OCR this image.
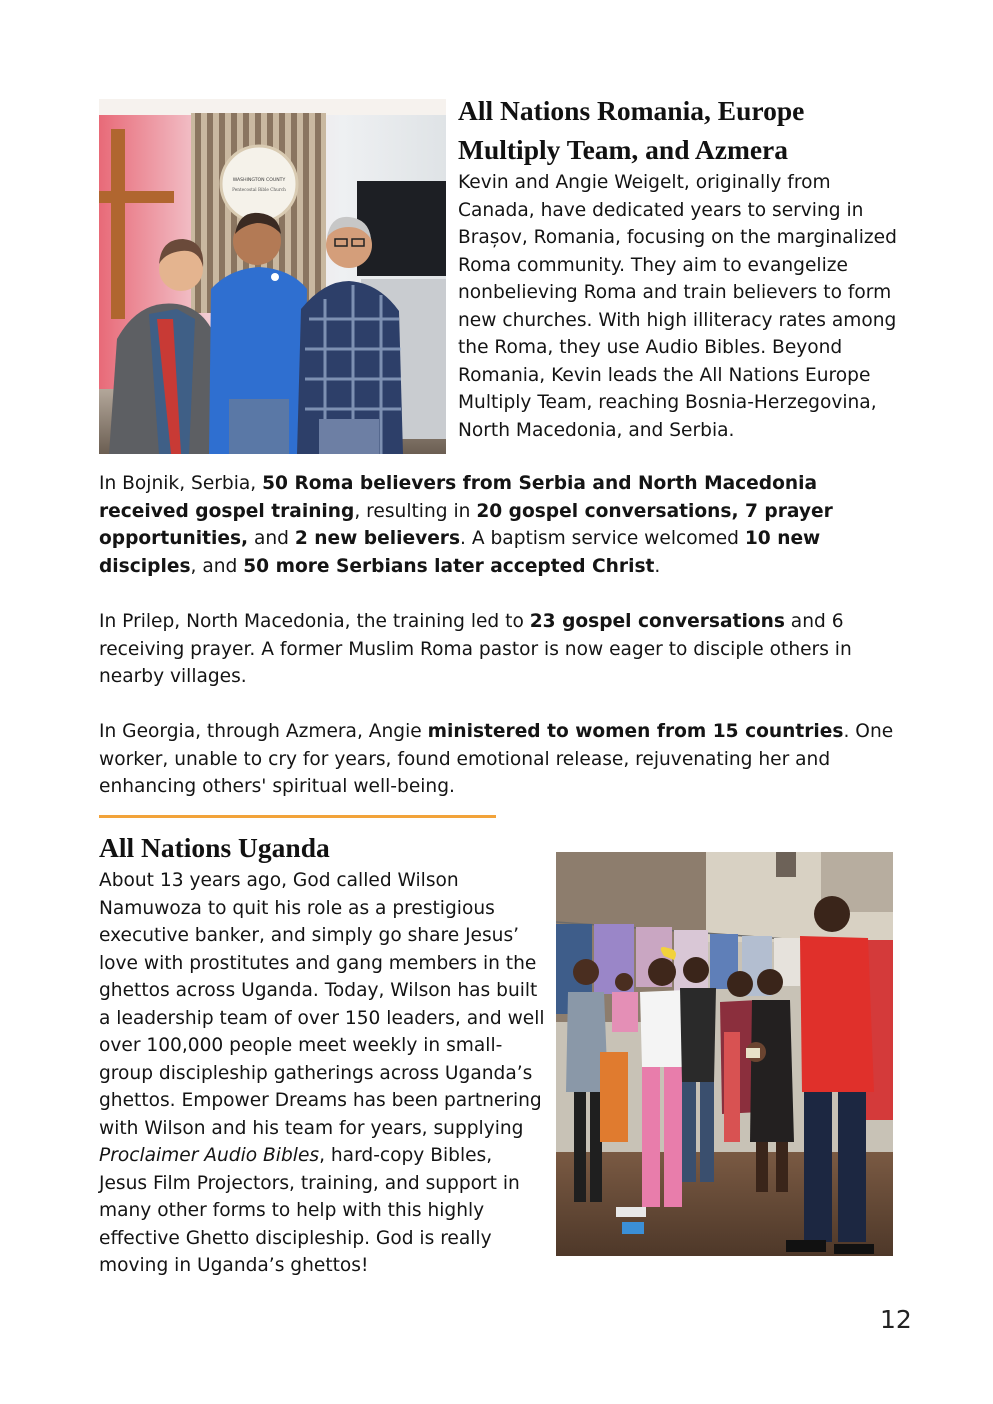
WASHINGTON COUNTY
Pentecostal Bible Church
All Nations Romania, Europe Multiply Team, and Azmera

Kevin and Angie Weigelt, originally from Canada, have dedicated years to serving in Brașov, Romania, focusing on the marginalized Roma community. They aim to evangelize nonbelieving Roma and train believers to form new churches. With high illiteracy rates among the Roma, they use Audio Bibles. Beyond Romania, Kevin leads the All Nations Europe Multiply Team, reaching Bosnia-Herzegovina, North Macedonia, and Serbia.

In Bojnik, Serbia, 50 Roma believers from Serbia and North Macedonia received gospel training, resulting in 20 gospel conversations, 7 prayer opportunities, and 2 new believers. A baptism service welcomed 10 new disciples, and 50 more Serbians later accepted Christ.

In Prilep, North Macedonia, the training led to 23 gospel conversations and 6 receiving prayer. A former Muslim Roma pastor is now eager to disciple others in nearby villages.

In Georgia, through Azmera, Angie ministered to women from 15 countries. One worker, unable to cry for years, found emotional release, rejuvenating her and enhancing others' spiritual well-being.

All Nations Uganda

About 13 years ago, God called Wilson Namuwoza to quit his role as a prestigious executive banker, and simply go share Jesus’ love with prostitutes and gang members in the ghettos across Uganda. Today, Wilson has built a leadership team of over 150 leaders, and well over 100,000 people meet weekly in small-group discipleship gatherings across Uganda’s ghettos. Empower Dreams has been partnering with Wilson and his team for years, supplying Proclaimer Audio Bibles, hard-copy Bibles, Jesus Film Projectors, training, and support in many other forms to help with this highly effective Ghetto discipleship. God is really moving in Uganda’s ghettos!

12
